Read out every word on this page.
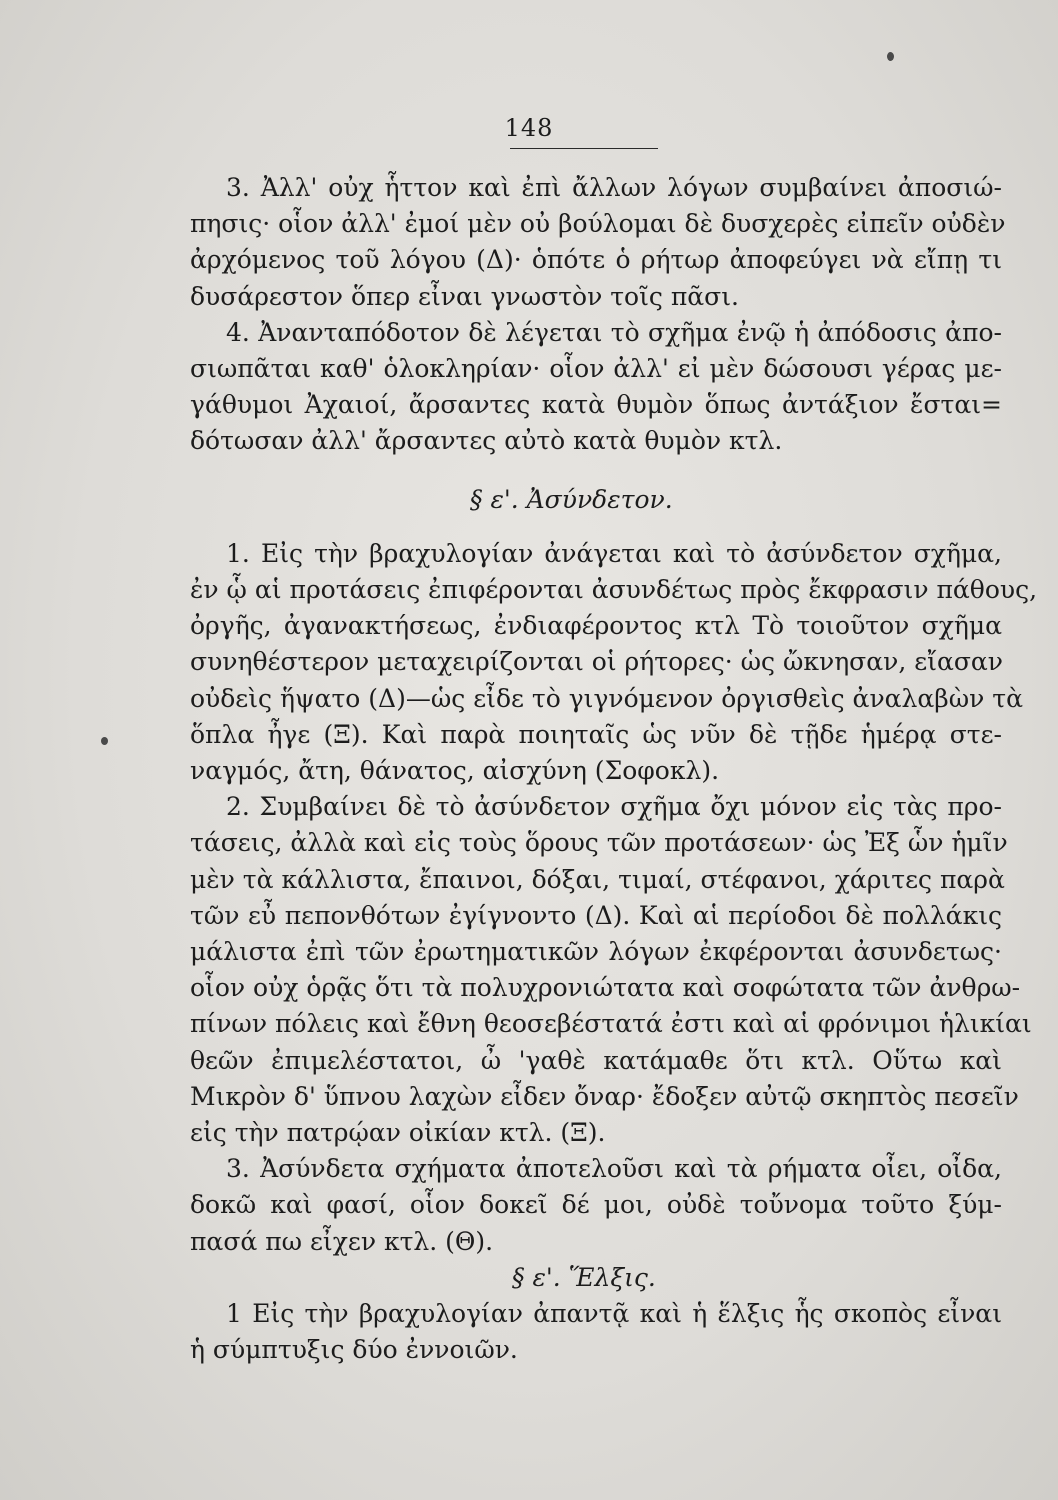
148
3. Ἀλλ' οὐχ ἧττον καὶ ἐπὶ ἄλλων λόγων συμβαίνει ἀποσιώ-
πησις· οἷον ἀλλ' ἐμοί μὲν οὐ βούλομαι δὲ δυσχερὲς εἰπεῖν οὐδὲν
ἀρχόμενος τοῦ λόγου (Δ)· ὁπότε ὁ ρήτωρ ἀποφεύγει νὰ εἴπῃ τι
δυσάρεστον ὅπερ εἶναι γνωστὸν τοῖς πᾶσι.
4. Ἀνανταπόδοτον δὲ λέγεται τὸ σχῆμα ἐνῷ ἡ ἀπόδοσις ἀπο-
σιωπᾶται καθ' ὁλοκληρίαν· οἷον ἀλλ' εἰ μὲν δώσουσι γέρας με-
γάθυμοι Ἀχαιοί, ἄρσαντες κατὰ θυμὸν ὅπως ἀντάξιον ἔσται=
δότωσαν ἀλλ' ἄρσαντες αὐτὸ κατὰ θυμὸν κτλ.
§ ε'. Ἀσύνδετον.
1. Εἰς τὴν βραχυλογίαν ἀνάγεται καὶ τὸ ἀσύνδετον σχῆμα,
ἐν ᾧ αἱ προτάσεις ἐπιφέρονται ἀσυνδέτως πρὸς ἔκφρασιν πάθους,
ὀργῆς, ἀγανακτήσεως, ἐνδιαφέροντος κτλ Τὸ τοιοῦτον σχῆμα
συνηθέστερον μεταχειρίζονται οἱ ρήτορες· ὡς ὤκνησαν, εἴασαν
οὐδεὶς ἥψατο (Δ)—ὡς εἶδε τὸ γιγνόμενον ὀργισθεὶς ἀναλαβὼν τὰ
ὅπλα ἦγε (Ξ). Καὶ παρὰ ποιηταῖς ὡς νῦν δὲ τῇδε ἡμέρᾳ στε-
ναγμός, ἄτη, θάνατος, αἰσχύνη (Σοφοκλ).
2. Συμβαίνει δὲ τὸ ἀσύνδετον σχῆμα ὄχι μόνον εἰς τὰς προ-
τάσεις, ἀλλὰ καὶ εἰς τοὺς ὅρους τῶν προτάσεων· ὡς Ἐξ ὧν ἡμῖν
μὲν τὰ κάλλιστα, ἔπαινοι, δόξαι, τιμαί, στέφανοι, χάριτες παρὰ
τῶν εὖ πεπονθότων ἐγίγνοντο (Δ). Καὶ αἱ περίοδοι δὲ πολλάκις
μάλιστα ἐπὶ τῶν ἐρωτηματικῶν λόγων ἐκφέρονται ἀσυνδετως·
οἷον οὐχ ὁρᾷς ὅτι τὰ πολυχρονιώτατα καὶ σοφώτατα τῶν ἀνθρω-
πίνων πόλεις καὶ ἔθνη θεοσεβέστατά ἐστι καὶ αἱ φρόνιμοι ἡλικίαι
θεῶν ἐπιμελέστατοι, ὦ 'γαθὲ κατάμαθε ὅτι κτλ. Οὕτω καὶ
Μικρὸν δ' ὕπνου λαχὼν εἶδεν ὄναρ· ἔδοξεν αὐτῷ σκηπτὸς πεσεῖν
εἰς τὴν πατρῴαν οἰκίαν κτλ. (Ξ).
3. Ἀσύνδετα σχήματα ἀποτελοῦσι καὶ τὰ ρήματα οἶει, οἶδα,
δοκῶ καὶ φασί, οἷον δοκεῖ δέ μοι, οὐδὲ τοὔνομα τοῦτο ξύμ-
πασά πω εἶχεν κτλ. (Θ).
§ ε'. Ἕλξις.
1 Εἰς τὴν βραχυλογίαν ἀπαντᾷ καὶ ἡ ἕλξις ἧς σκοπὸς εἶναι
ἡ σύμπτυξις δύο ἐννοιῶν.
